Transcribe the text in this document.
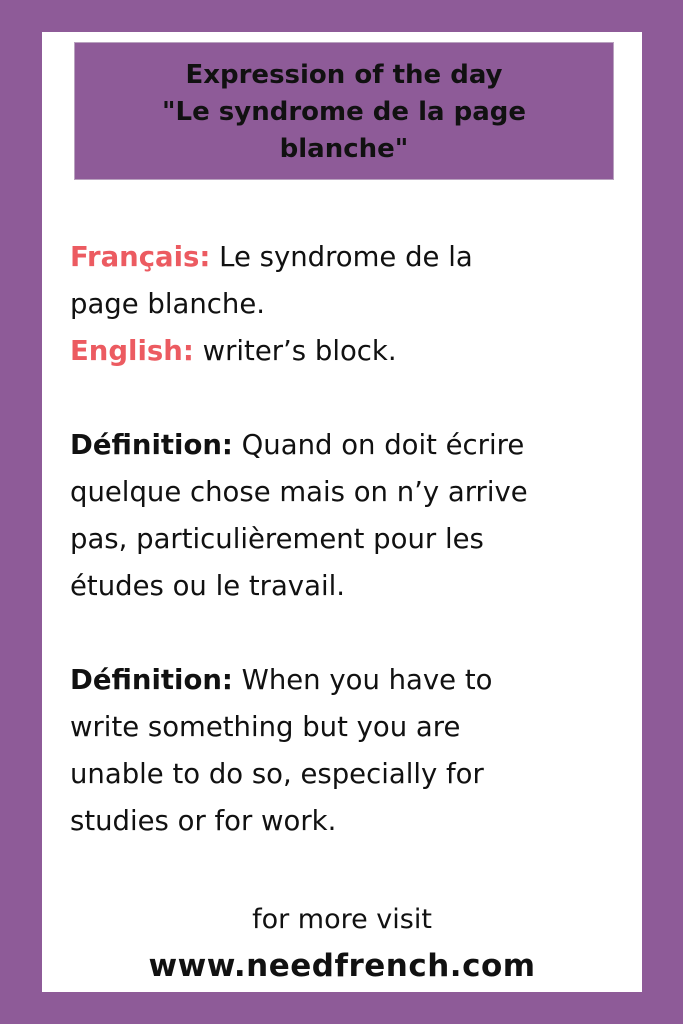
Expression of the day
"Le syndrome de la page
blanche"

Français: Le syndrome de la

page blanche.

English: writer’s block.

Définition: Quand on doit écrire

quelque chose mais on n’y arrive

pas, particulièrement pour les

études ou le travail.

Définition: When you have to

write something but you are

unable to do so, especially for

studies or for work.

for more visit
www.needfrench.com
